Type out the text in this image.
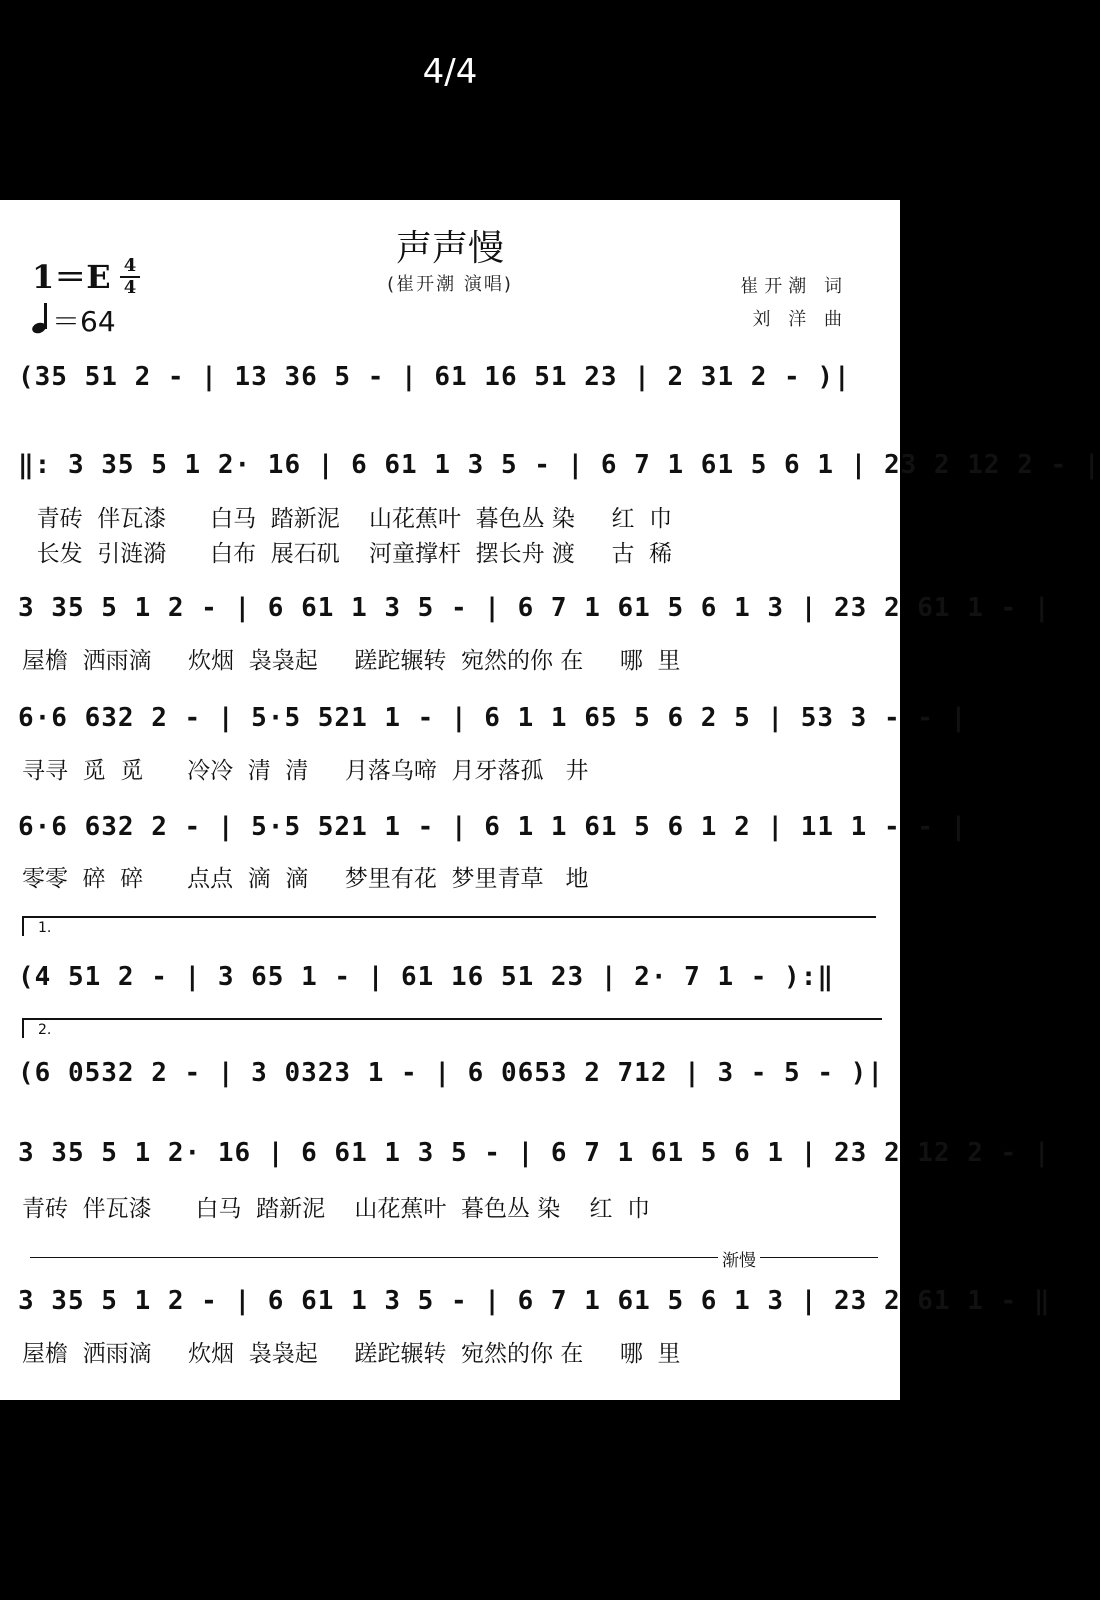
4/4
声声慢
(崔开潮 演唱)	崔开潮 词
刘 洋 曲
$1=E \frac{4}{4}$
＝64
(35 51 2 - | 13 36 5 - | 61 16 51 23 | 2 31 2 - )|
‖: 3 35 5 1 2· 16 | 6 61 1 3 5 - | 6 7 1 61 5 6 1 | 23 2 12 2 - |
青砖  伴瓦漆      白马  踏新泥    山花蕉叶  暮色丛 染     红  巾
长发  引涟漪      白布  展石矶    河童撑杆  摆长舟 渡     古  稀
3 35 5 1 2 - | 6 61 1 3 5 - | 6 7 1 61 5 6 1 3 | 23 2 61 1 - |
屋檐  洒雨滴     炊烟  袅袅起     蹉跎辗转  宛然的你 在     哪  里
6·6 632 2 - | 5·5 521 1 - | 6 1 1 65 5 6 2 5 | 53 3 - - |
寻寻  觅  觅      冷冷  清  清     月落乌啼  月牙落孤   井
6·6 632 2 - | 5·5 521 1 - | 6 1 1 61 5 6 1 2 | 11 1 - - |
零零  碎  碎      点点  滴  滴     梦里有花  梦里青草   地
1.
(4 51 2 - | 3 65 1 - | 61 16 51 23 | 2· 7 1 - ):‖
2.
(6 0532 2 - | 3 0323 1 - | 6 0653 2 712 | 3 - 5 - )|
3 35 5 1 2· 16 | 6 61 1 3 5 - | 6 7 1 61 5 6 1 | 23 2 12 2 - |
青砖  伴瓦漆      白马  踏新泥    山花蕉叶  暮色丛 染    红  巾
渐慢
3 35 5 1 2 - | 6 61 1 3 5 - | 6 7 1 61 5 6 1 3 | 23 2 61 1 - ‖
屋檐  洒雨滴     炊烟  袅袅起     蹉跎辗转  宛然的你 在     哪  里
